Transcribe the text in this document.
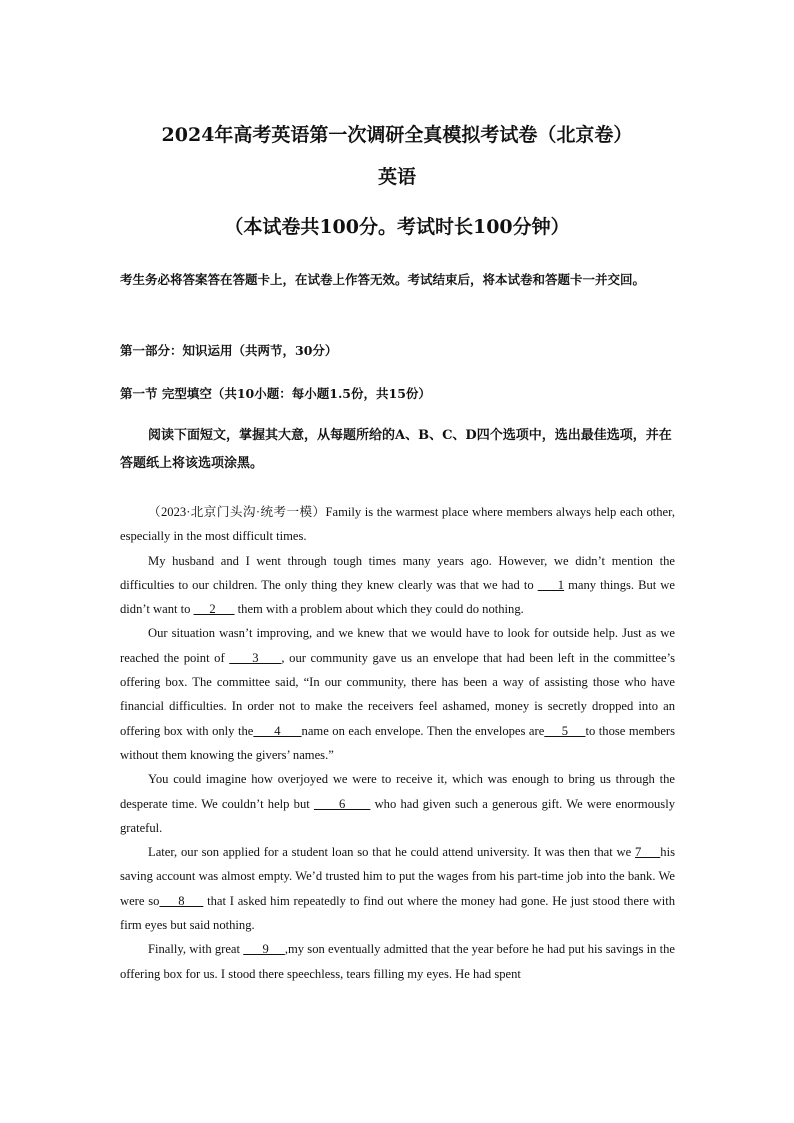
2024年高考英语第一次调研全真模拟考试卷（北京卷）
英语
（本试卷共100分。考试时长100分钟）
考生务必将答案答在答题卡上，在试卷上作答无效。考试结束后，将本试卷和答题卡一并交回。
第一部分：知识运用（共两节，30分）
第一节 完型填空（共10小题：每小题1.5份，共15份）
阅读下面短文，掌握其大意，从每题所给的A、B、C、D四个选项中，选出最佳选项，并在答题纸上将该选项涂黑。

（2023·北京门头沟·统考一模）Family is the warmest place where members always help each other, especially in the most difficult times.

My husband and I went through tough times many years ago. However, we didn’t mention the difficulties to our children. The only thing they knew clearly was that we had to      1 many things. But we didn’t want to      2       them with a problem about which they could do nothing.

Our situation wasn’t improving, and we knew that we would have to look for outside help. Just as we reached the point of      3     , our community gave us an envelope that had been left in the committee’s offering box. The committee said, “In our community, there has been a way of assisting those who have financial difficulties. In order not to make the receivers feel ashamed, money is secretly dropped into an offering box with only the      4      name on each envelope. Then the envelopes are     5     to those members without them knowing the givers’ names.”

You could imagine how overjoyed we were to receive it, which was enough to bring us through the desperate time. We couldn’t help but       6       who had given such a generous gift. We were enormously grateful.

Later, our son applied for a student loan so that he could attend university. It was then that we 7     his saving account was almost empty. We’d trusted him to put the wages from his part-time job into the bank. We were so     8      that I asked him repeatedly to find out where the money had gone. He just stood there with firm eyes but said nothing.

Finally, with great       9     ,my son eventually admitted that the year before he had put his savings in the offering box for us. I stood there speechless, tears filling my eyes. He had spent
